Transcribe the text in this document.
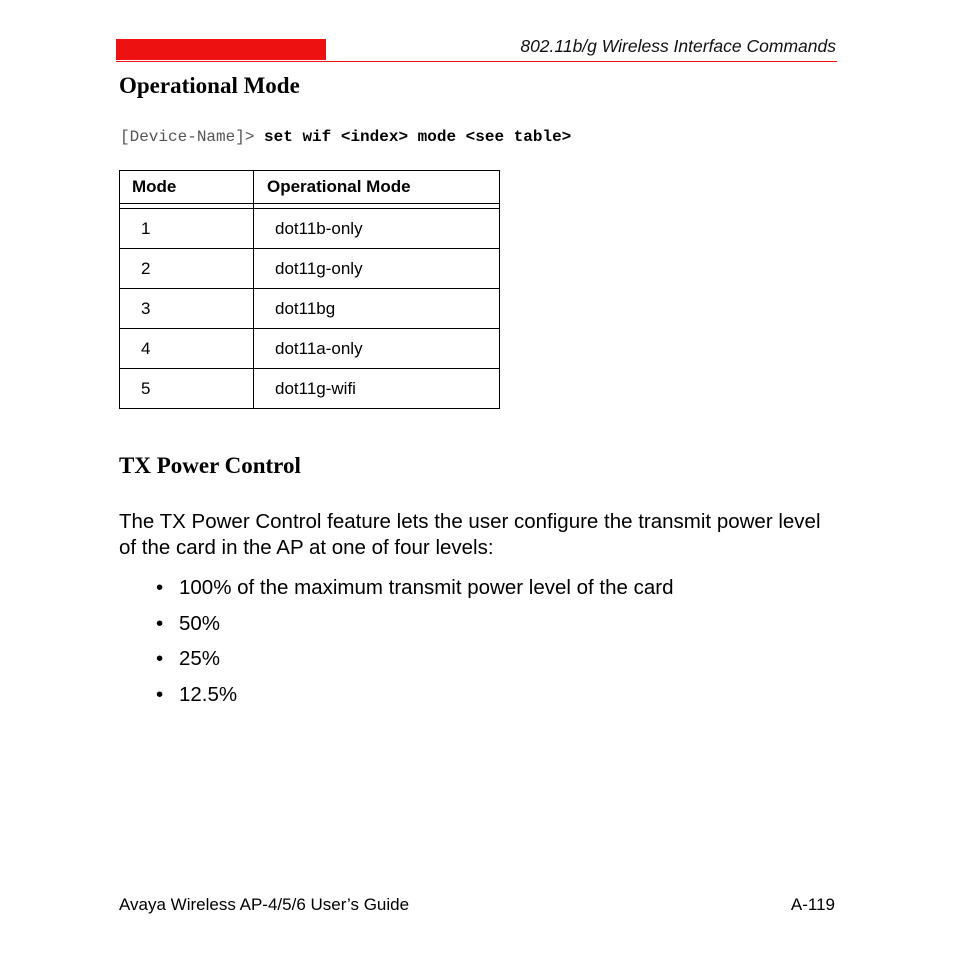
802.11b/g Wireless Interface Commands
Operational Mode
[Device-Name]> set wif <index> mode <see table>
Mode	Operational Mode

1	dot11b-only
2	dot11g-only
3	dot11bg
4	dot11a-only
5	dot11g-wifi
TX Power Control

The TX Power Control feature lets the user configure the transmit power level of the card in the AP at one of four levels:

• 100% of the maximum transmit power level of the card
• 50%
• 25%
• 12.5%
Avaya Wireless AP-4/5/6 User’s Guide	A-119
